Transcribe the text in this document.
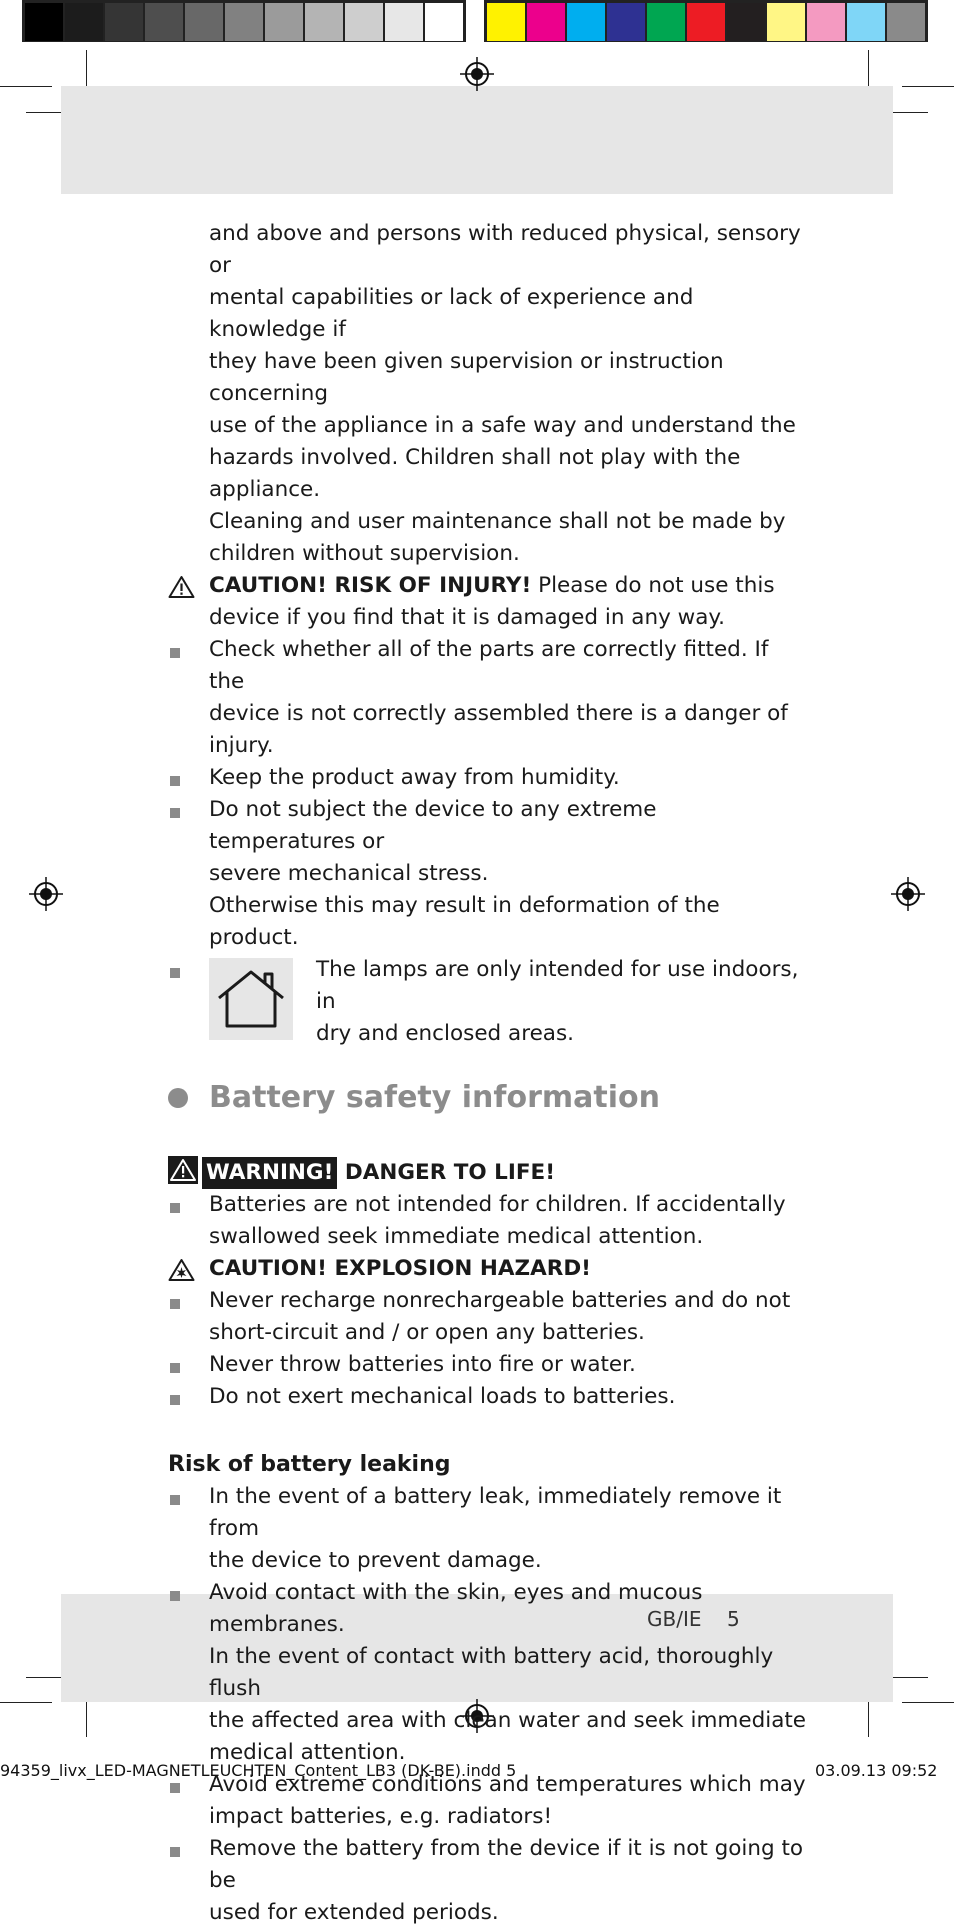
and above and persons with reduced physical, sensory or
mental capabilities or lack of experience and knowledge if
they have been given supervision or instruction concerning
use of the appliance in a safe way and understand the
hazards involved. Children shall not play with the appliance.
Cleaning and user maintenance shall not be made by
children without supervision.
CAUTION! RISK OF INJURY! Please do not use this
device if you find that it is damaged in any way.
Check whether all of the parts are correctly fitted. If the
device is not correctly assembled there is a danger of
injury.
Keep the product away from humidity.
Do not subject the device to any extreme temperatures or
severe mechanical stress.
Otherwise this may result in deformation of the product.
The lamps are only intended for use indoors, in
dry and enclosed areas.
Battery safety information
WARNING! DANGER TO LIFE!
Batteries are not intended for children. If accidentally
swallowed seek immediate medical attention.
CAUTION! EXPLOSION HAZARD!
Never recharge nonrechargeable batteries and do not
short-circuit and / or open any batteries.
Never throw batteries into fire or water.
Do not exert mechanical loads to batteries.
Risk of battery leaking
In the event of a battery leak, immediately remove it from
the device to prevent damage.
Avoid contact with the skin, eyes and mucous membranes.
In the event of contact with battery acid, thoroughly flush
the affected area with clean water and seek immediate
medical attention.
Avoid extreme conditions and temperatures which may
impact batteries, e.g. radiators!
Remove the battery from the device if it is not going to be
used for extended periods.
GB/IE 5
94359_livx_LED-MAGNETLEUCHTEN_Content_LB3 (DK-BE).indd 5	03.09.13 09:52
